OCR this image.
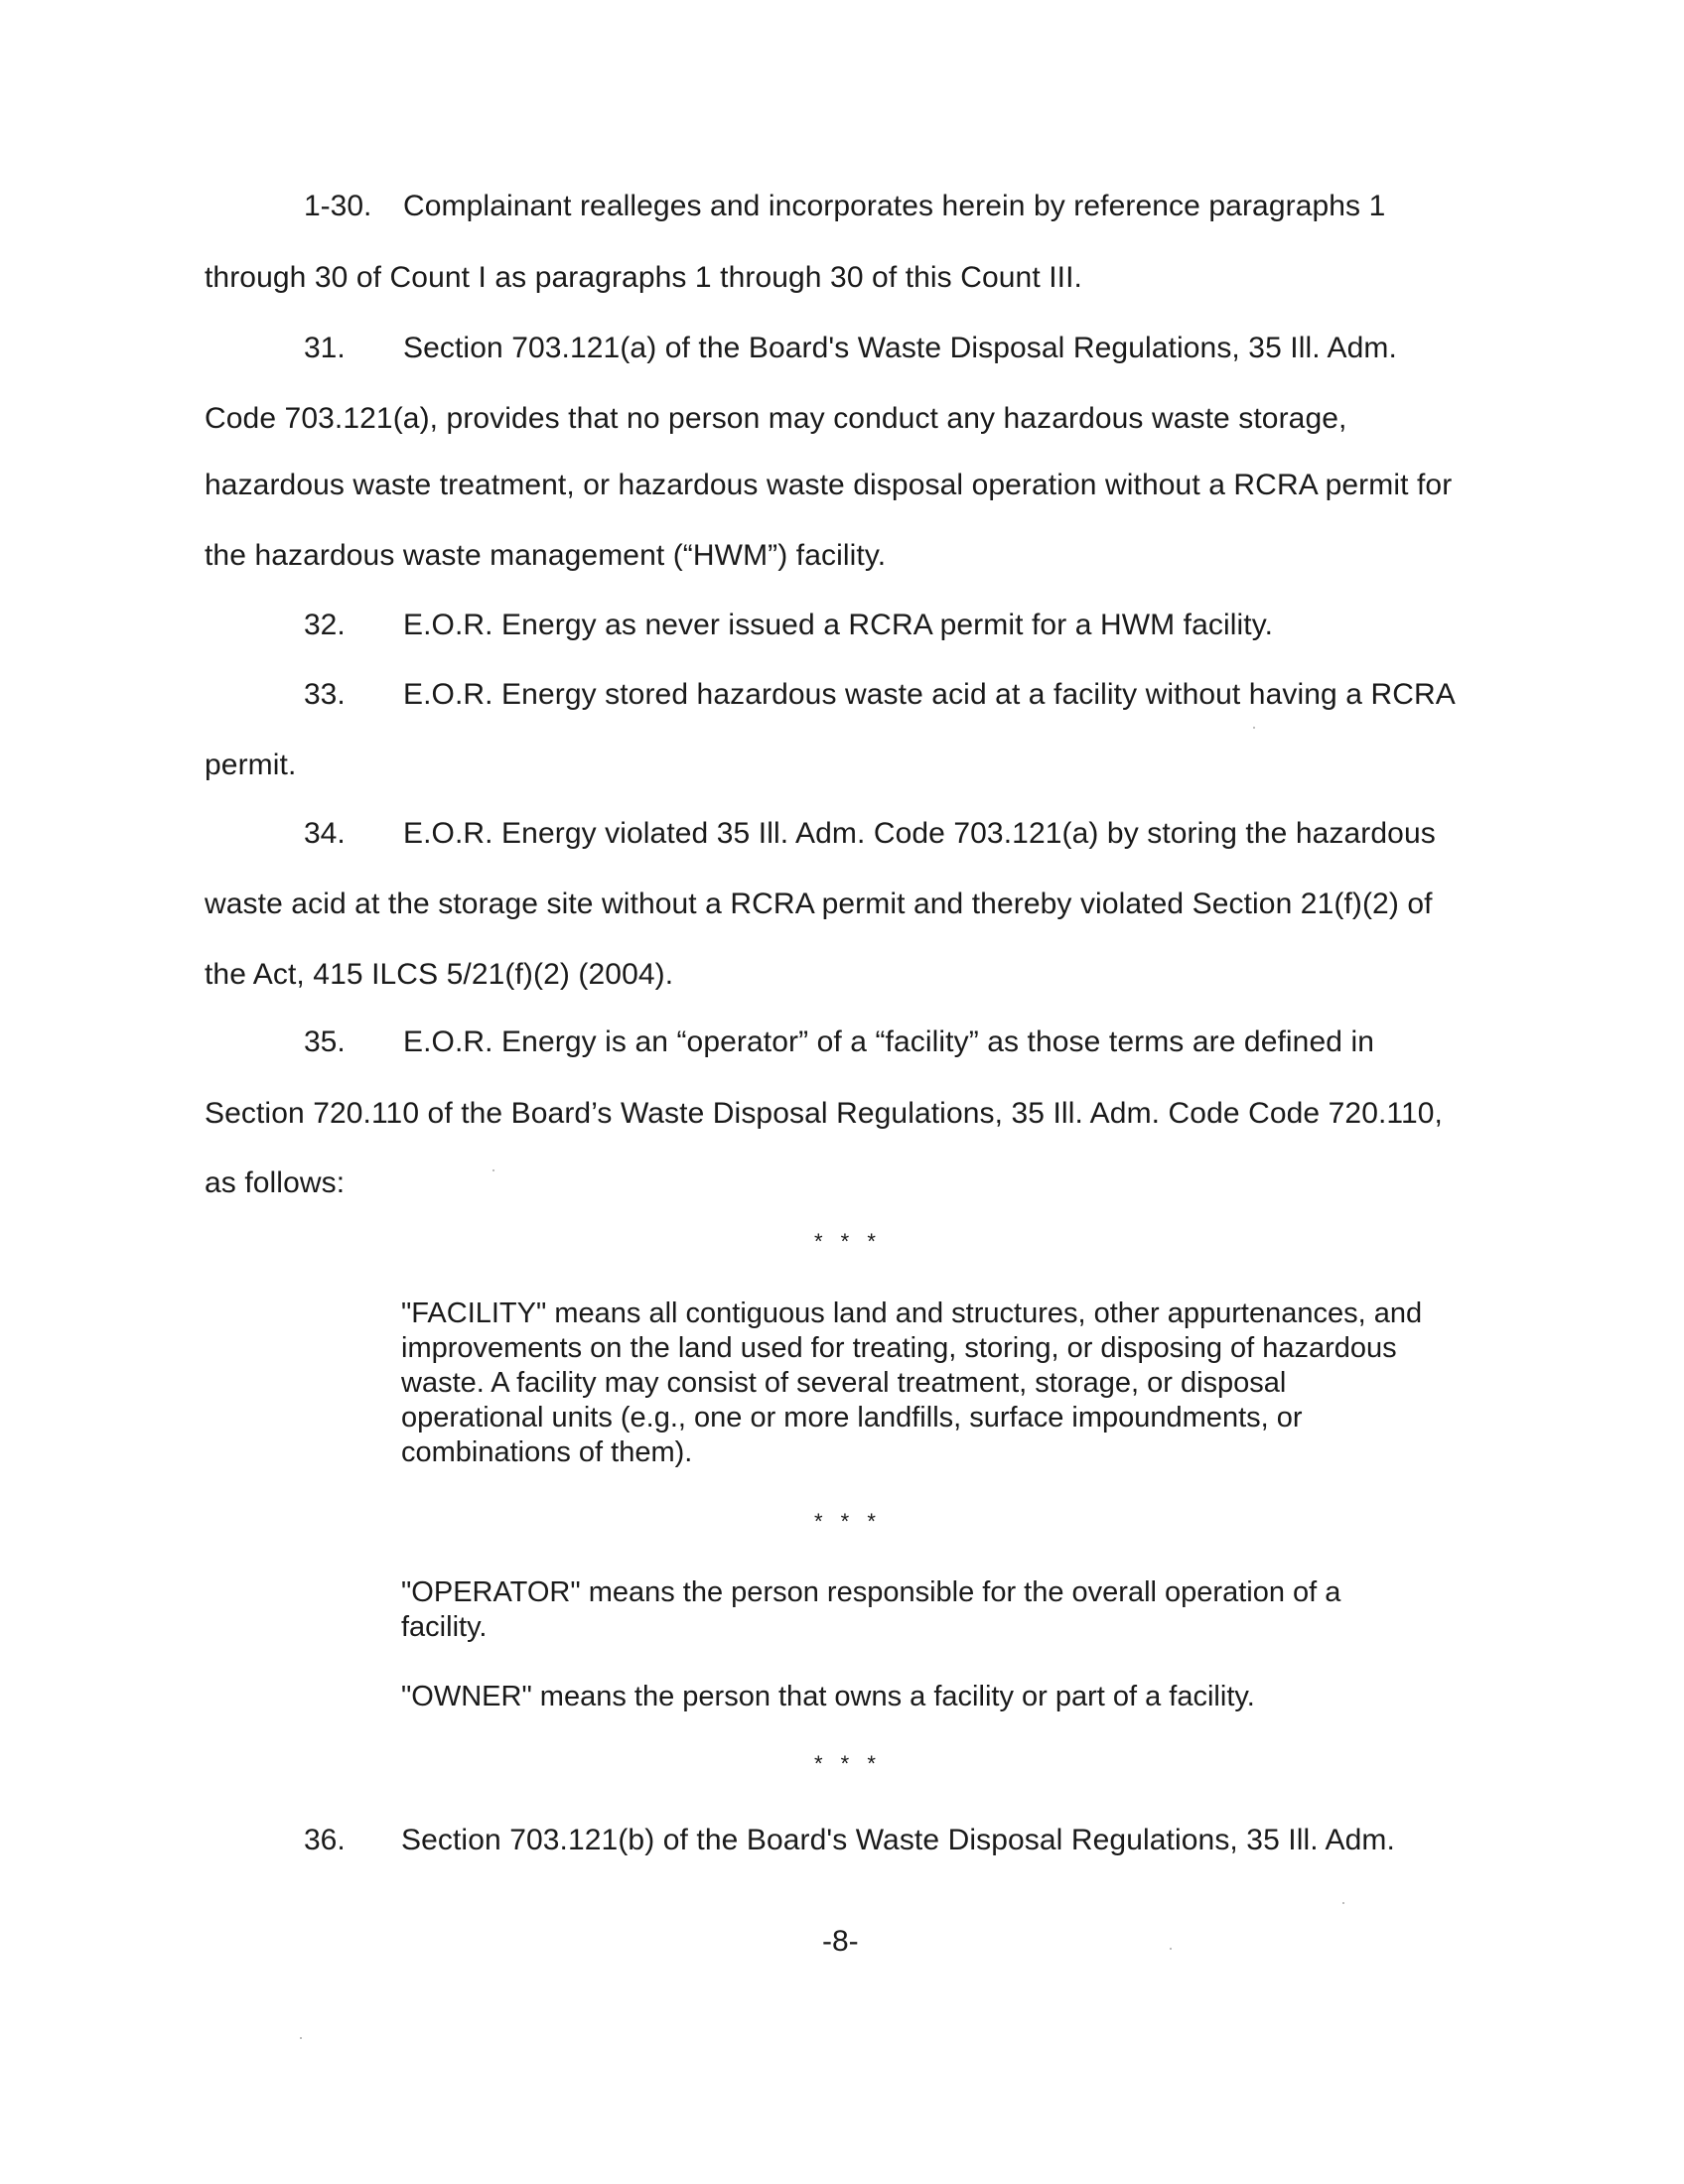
1-30. Complainant realleges and incorporates herein by reference paragraphs 1
through 30 of Count I as paragraphs 1 through 30 of this Count III.
31. Section 703.121(a) of the Board's Waste Disposal Regulations, 35 Ill. Adm.
Code 703.121(a), provides that no person may conduct any hazardous waste storage,
hazardous waste treatment, or hazardous waste disposal operation without a RCRA permit for
the hazardous waste management (“HWM”) facility.
32. E.O.R. Energy as never issued a RCRA permit for a HWM facility.
33. E.O.R. Energy stored hazardous waste acid at a facility without having a RCRA
permit.
34. E.O.R. Energy violated 35 Ill. Adm. Code 703.121(a) by storing the hazardous
waste acid at the storage site without a RCRA permit and thereby violated Section 21(f)(2) of
the Act, 415 ILCS 5/21(f)(2) (2004).
35. E.O.R. Energy is an “operator” of a “facility” as those terms are defined in
Section 720.110 of the Board’s Waste Disposal Regulations, 35 Ill. Adm. Code Code 720.110,
as follows:
* * *
"FACILITY" means all contiguous land and structures, other appurtenances, and
improvements on the land used for treating, storing, or disposing of hazardous
waste. A facility may consist of several treatment, storage, or disposal
operational units (e.g., one or more landfills, surface impoundments, or
combinations of them).
* * *
"OPERATOR" means the person responsible for the overall operation of a
facility.
"OWNER" means the person that owns a facility or part of a facility.
* * *
36. Section 703.121(b) of the Board's Waste Disposal Regulations, 35 Ill. Adm.
-8-
